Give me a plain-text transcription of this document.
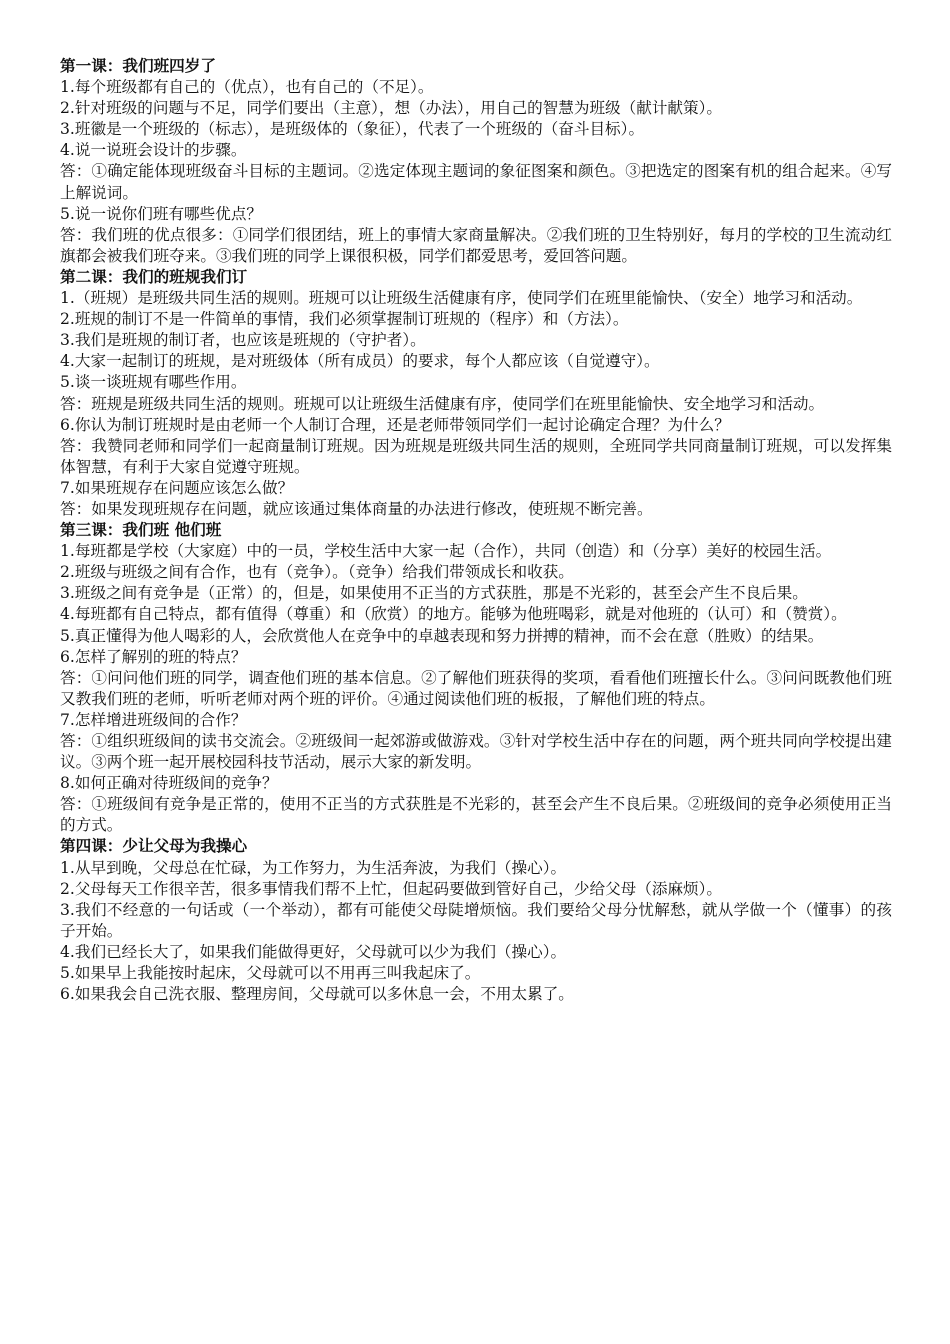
第一课：我们班四岁了
1.每个班级都有自己的（优点），也有自己的（不足）。
2.针对班级的问题与不足，同学们要出（主意），想（办法），用自己的智慧为班级（献计献策）。
3.班徽是一个班级的（标志），是班级体的（象征），代表了一个班级的（奋斗目标）。
4.说一说班会设计的步骤。
答：①确定能体现班级奋斗目标的主题词。②选定体现主题词的象征图案和颜色。③把选定的图案有机的组合起来。④写上解说词。
5.说一说你们班有哪些优点？
答：我们班的优点很多：①同学们很团结，班上的事情大家商量解决。②我们班的卫生特别好，每月的学校的卫生流动红旗都会被我们班夺来。③我们班的同学上课很积极，同学们都爱思考，爱回答问题。
第二课：我们的班规我们订
1.（班规）是班级共同生活的规则。班规可以让班级生活健康有序，使同学们在班里能愉快、（安全）地学习和活动。
2.班规的制订不是一件简单的事情，我们必须掌握制订班规的（程序）和（方法）。
3.我们是班规的制订者，也应该是班规的（守护者）。
4.大家一起制订的班规，是对班级体（所有成员）的要求，每个人都应该（自觉遵守）。
5.谈一谈班规有哪些作用。
答：班规是班级共同生活的规则。班规可以让班级生活健康有序，使同学们在班里能愉快、安全地学习和活动。
6.你认为制订班规时是由老师一个人制订合理，还是老师带领同学们一起讨论确定合理？为什么？
答：我赞同老师和同学们一起商量制订班规。因为班规是班级共同生活的规则，全班同学共同商量制订班规，可以发挥集体智慧，有利于大家自觉遵守班规。
7.如果班规存在问题应该怎么做？
答：如果发现班规存在问题，就应该通过集体商量的办法进行修改，使班规不断完善。
第三课：我们班 他们班
1.每班都是学校（大家庭）中的一员，学校生活中大家一起（合作），共同（创造）和（分享）美好的校园生活。
2.班级与班级之间有合作，也有（竞争）。（竞争）给我们带领成长和收获。
3.班级之间有竞争是（正常）的，但是，如果使用不正当的方式获胜，那是不光彩的，甚至会产生不良后果。
4.每班都有自己特点，都有值得（尊重）和（欣赏）的地方。能够为他班喝彩，就是对他班的（认可）和（赞赏）。
5.真正懂得为他人喝彩的人，会欣赏他人在竞争中的卓越表现和努力拼搏的精神，而不会在意（胜败）的结果。
6.怎样了解别的班的特点？
答：①问问他们班的同学，调查他们班的基本信息。②了解他们班获得的奖项，看看他们班擅长什么。③问问既教他们班又教我们班的老师，听听老师对两个班的评价。④通过阅读他们班的板报，了解他们班的特点。
7.怎样增进班级间的合作？
答：①组织班级间的读书交流会。②班级间一起郊游或做游戏。③针对学校生活中存在的问题，两个班共同向学校提出建议。③两个班一起开展校园科技节活动，展示大家的新发明。
8.如何正确对待班级间的竞争？
答：①班级间有竞争是正常的，使用不正当的方式获胜是不光彩的，甚至会产生不良后果。②班级间的竞争必须使用正当的方式。
第四课：少让父母为我操心
1.从早到晚，父母总在忙碌，为工作努力，为生活奔波，为我们（操心）。
2.父母每天工作很辛苦，很多事情我们帮不上忙，但起码要做到管好自己，少给父母（添麻烦）。
3.我们不经意的一句话或（一个举动），都有可能使父母陡增烦恼。我们要给父母分忧解愁，就从学做一个（懂事）的孩子开始。
4.我们已经长大了，如果我们能做得更好，父母就可以少为我们（操心）。
5.如果早上我能按时起床，父母就可以不用再三叫我起床了。
6.如果我会自己洗衣服、整理房间，父母就可以多休息一会，不用太累了。
